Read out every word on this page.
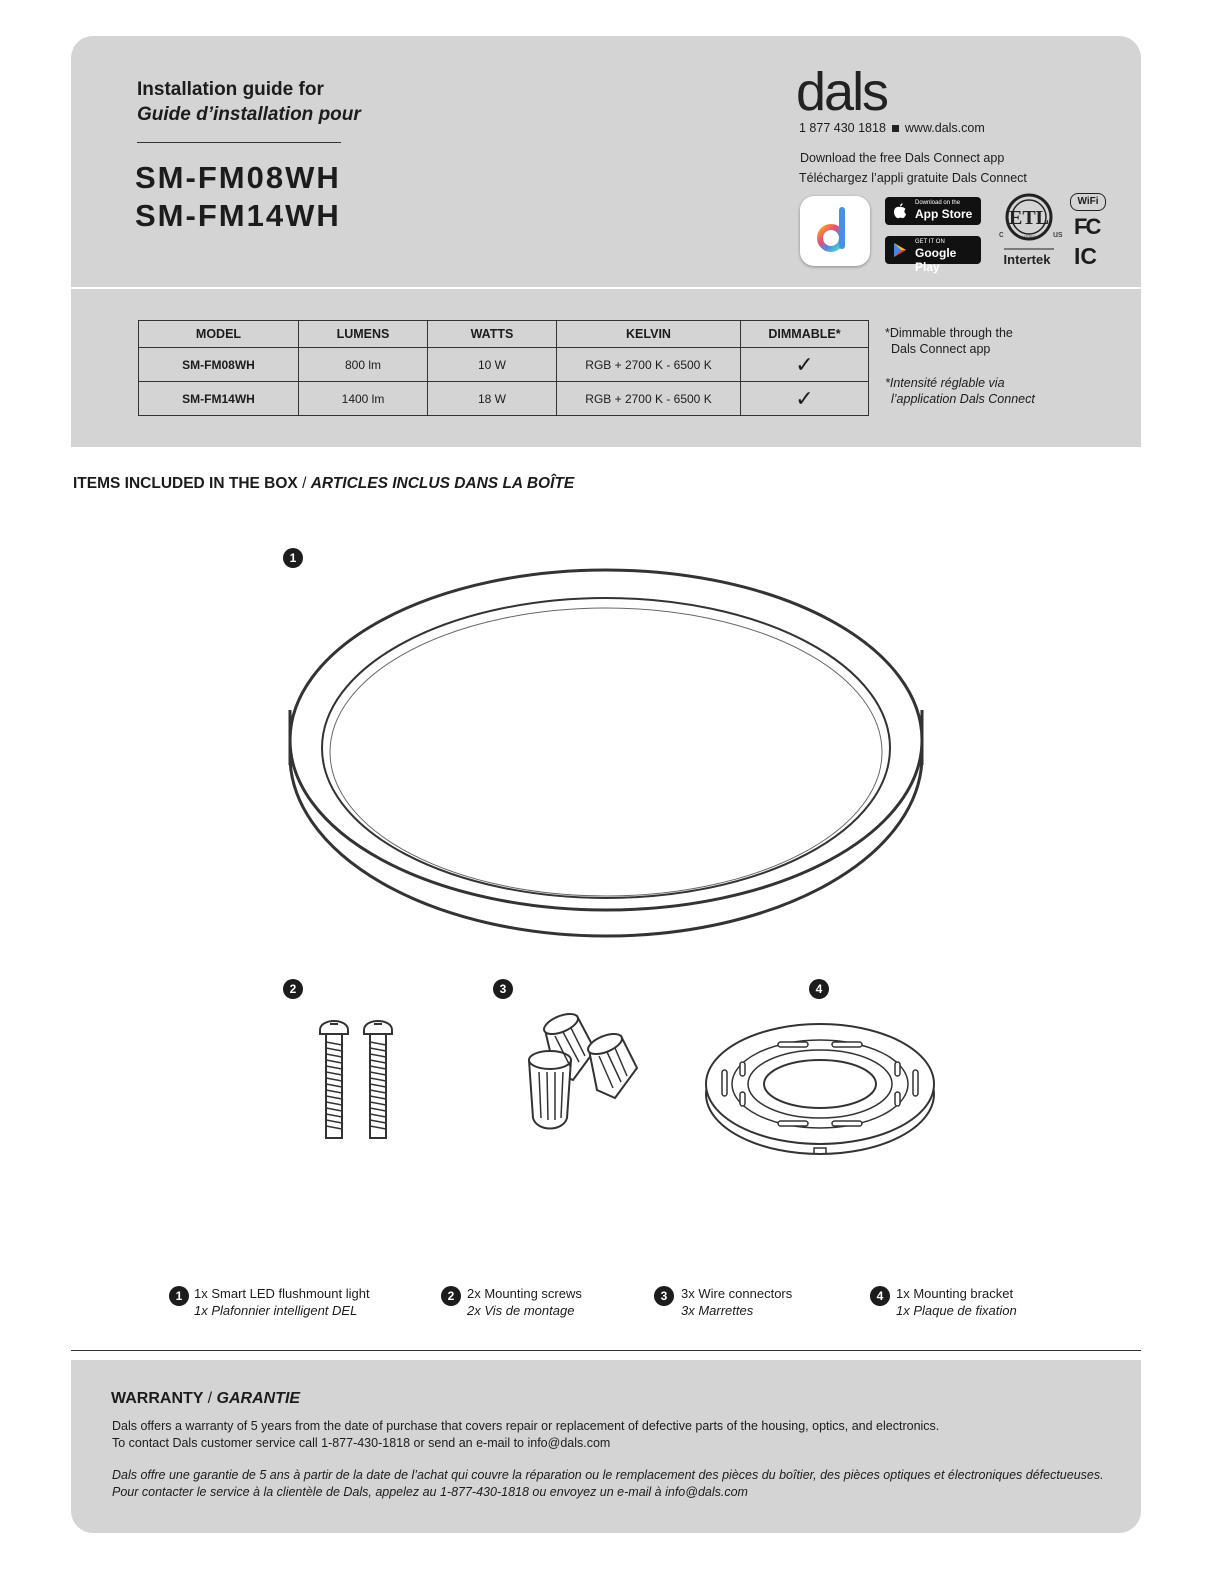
Installation guide for
Guide d’installation pour
SM-FM08WH
SM-FM14WH
dals
1 877 430 1818 www.dals.com
Download the free Dals Connect app
Téléchargez l’appli gratuite Dals Connect
Download on the
App Store
GET IT ON
Google Play
ETL
c	us
LISTED
Intertek
WiFi
FC
IC
MODEL	LUMENS	WATTS	KELVIN	DIMMABLE*
SM-FM08WH	800 lm	10 W	RGB + 2700 K - 6500 K	✓
SM-FM14WH	1400 lm	18 W	RGB + 2700 K - 6500 K	✓
*Dimmable through the
Dals Connect app
*Intensité réglable via
l’application Dals Connect
ITEMS INCLUDED IN THE BOX / ARTICLES INCLUS DANS LA BOÎTE
1
2	3	4
1 1x Smart LED flushmount light
1x Plafonnier intelligent DEL
2 2x Mounting screws
2x Vis de montage
3	3x Wire connectors
3x Marrettes
4 1x Mounting bracket
1x Plaque de fixation
WARRANTY / GARANTIE
Dals offers a warranty of 5 years from the date of purchase that covers repair or replacement of defective parts of the housing, optics, and electronics.
To contact Dals customer service call 1-877-430-1818 or send an e-mail to info@dals.com
Dals offre une garantie de 5 ans à partir de la date de l’achat qui couvre la réparation ou le remplacement des pièces du boîtier, des pièces optiques et électroniques défectueuses.
Pour contacter le service à la clientèle de Dals, appelez au 1-877-430-1818 ou envoyez un e-mail à info@dals.com
